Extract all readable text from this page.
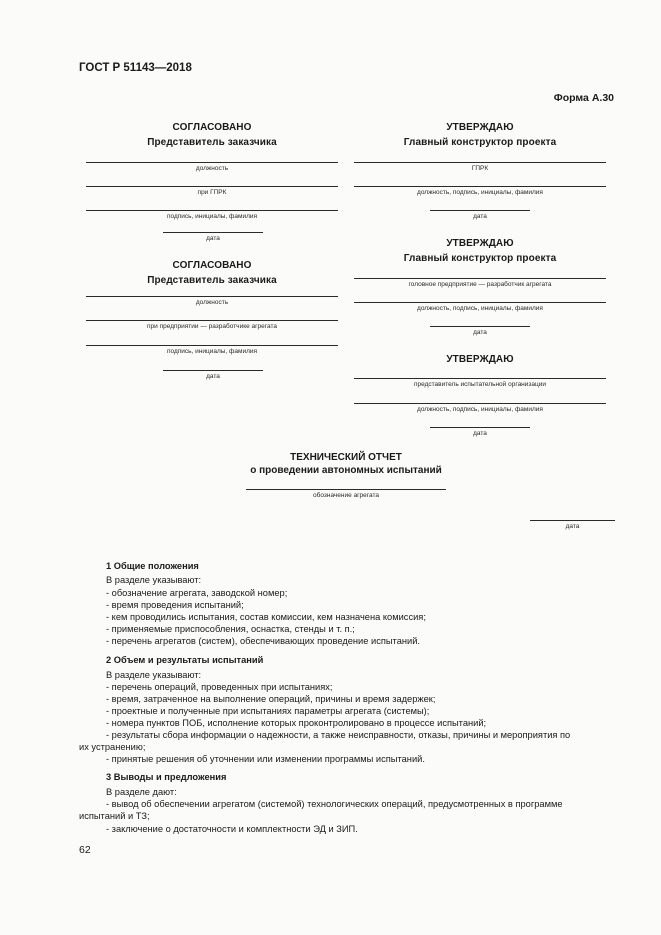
ГОСТ Р 51143—2018
Форма А.30
СОГЛАСОВАНО
Представитель заказчика
должность
при ГПРК
подпись, инициалы, фамилия
дата
СОГЛАСОВАНО
Представитель заказчика
должность
при предприятии — разработчике агрегата
подпись, инициалы, фамилия
дата
УТВЕРЖДАЮ
Главный конструктор проекта
ГПРК
должность, подпись, инициалы, фамилия
дата
УТВЕРЖДАЮ
Главный конструктор проекта
головное предприятие — разработчик агрегата
должность, подпись, инициалы, фамилия
дата
УТВЕРЖДАЮ
представитель испытательной организации
должность, подпись, инициалы, фамилия
дата
ТЕХНИЧЕСКИЙ ОТЧЕТ
о проведении автономных испытаний
обозначение агрегата
дата
1 Общие положения
В разделе указывают:
- обозначение агрегата, заводской номер;
- время проведения испытаний;
- кем проводились испытания, состав комиссии, кем назначена комиссия;
- применяемые приспособления, оснастка, стенды и т. п.;
- перечень агрегатов (систем), обеспечивающих проведение испытаний.
2 Объем и результаты испытаний
В разделе указывают:
- перечень операций, проведенных при испытаниях;
- время, затраченное на выполнение операций, причины и время задержек;
- проектные и полученные при испытаниях параметры агрегата (системы);
- номера пунктов ПОБ, исполнение которых проконтролировано в процессе испытаний;
- результаты сбора информации о надежности, а также неисправности, отказы, причины и мероприятия по
их устранению;
- принятые решения об уточнении или изменении программы испытаний.
3 Выводы и предложения
В разделе дают:
- вывод об обеспечении агрегатом (системой) технологических операций, предусмотренных в программе
испытаний и ТЗ;
- заключение о достаточности и комплектности ЭД и ЗИП.
62
